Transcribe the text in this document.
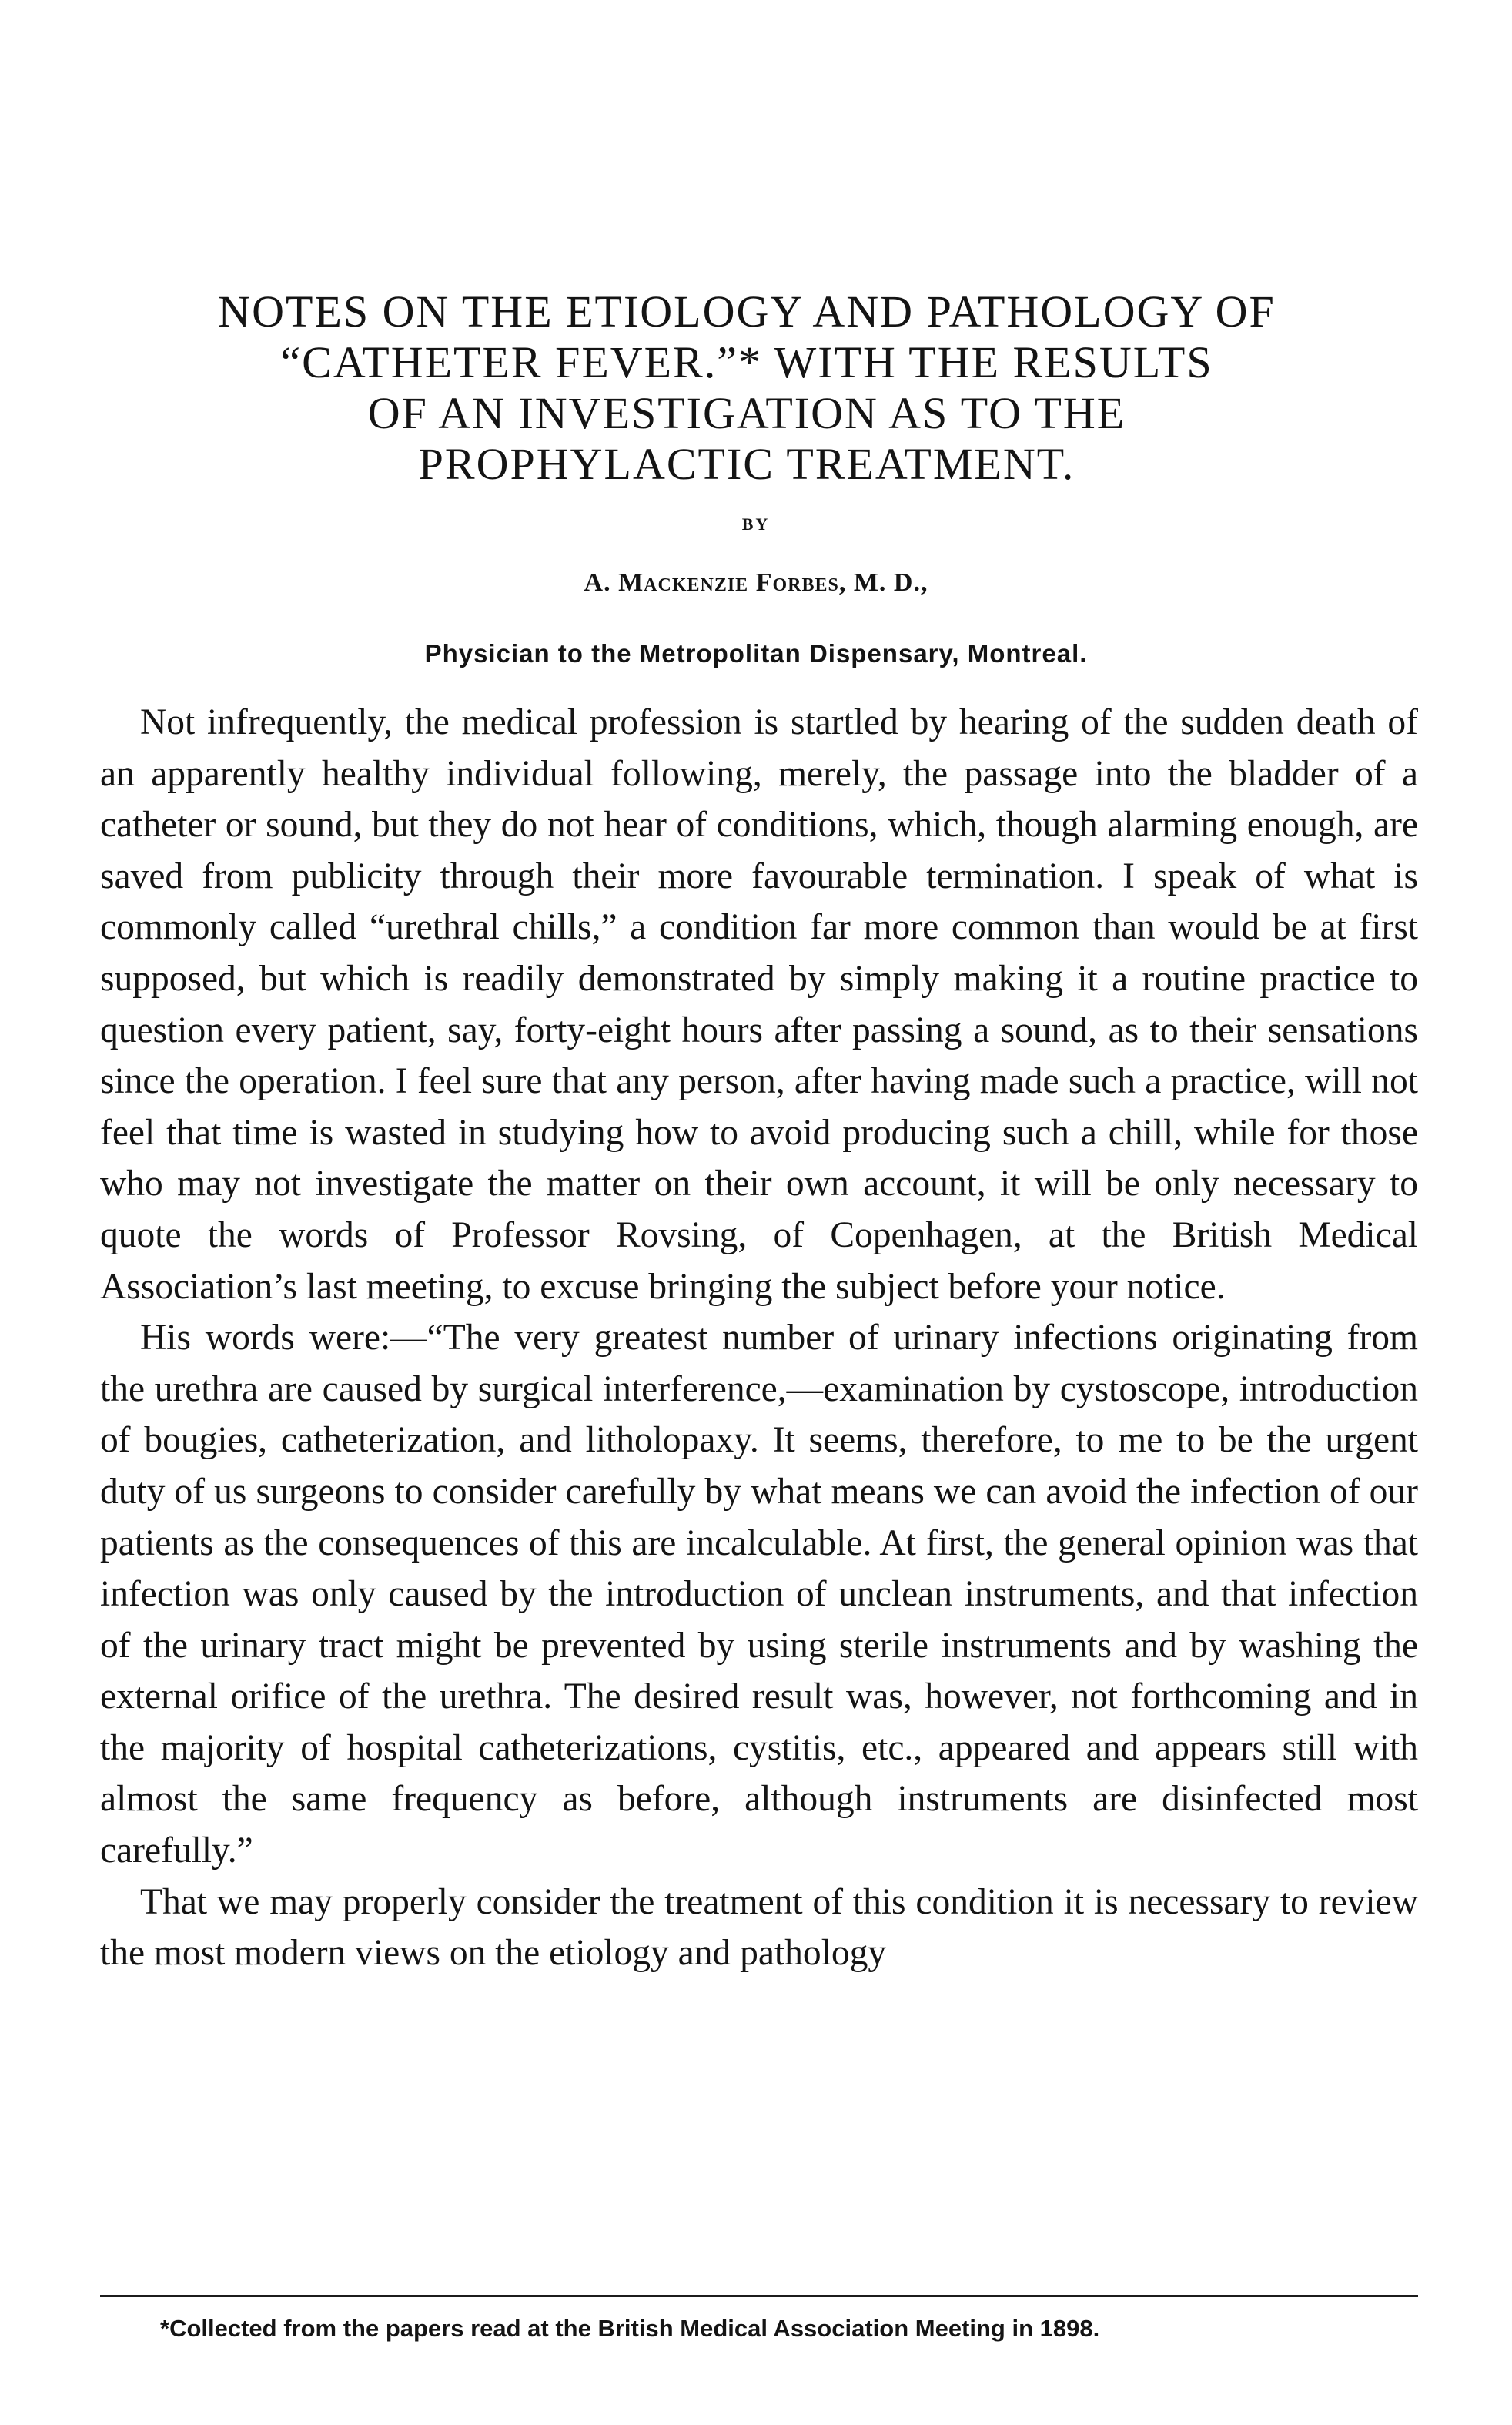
NOTES ON THE ETIOLOGY AND PATHOLOGY OF
“CATHETER FEVER.”* WITH THE RESULTS
OF AN INVESTIGATION AS TO THE
PROPHYLACTIC TREATMENT.
BY
A. Mackenzie Forbes, M. D.,
Physician to the Metropolitan Dispensary, Montreal.

Not infrequently, the medical profession is startled by hearing of the sudden death of an apparently healthy individual following, merely, the passage into the bladder of a catheter or sound, but they do not hear of conditions, which, though alarming enough, are saved from publicity through their more favourable termination. I speak of what is commonly called “urethral chills,” a condition far more common than would be at first supposed, but which is readily demonstrated by simply making it a routine practice to question every patient, say, forty-eight hours after passing a sound, as to their sensations since the operation. I feel sure that any person, after having made such a practice, will not feel that time is wasted in studying how to avoid producing such a chill, while for those who may not investigate the matter on their own account, it will be only necessary to quote the words of Professor Rovsing, of Copenhagen, at the British Medical Association’s last meeting, to excuse bringing the subject before your notice.

His words were:—“The very greatest number of urinary infections originating from the urethra are caused by surgical interference,—examination by cystoscope, introduction of bougies, catheterization, and litholopaxy. It seems, therefore, to me to be the urgent duty of us surgeons to consider carefully by what means we can avoid the infection of our patients as the consequences of this are incalculable. At first, the general opinion was that infection was only caused by the introduction of unclean instruments, and that infection of the urinary tract might be prevented by using sterile instruments and by washing the external orifice of the urethra. The desired result was, however, not forthcoming and in the majority of hospital catheterizations, cystitis, etc., appeared and appears still with almost the same frequency as before, although instruments are disinfected most carefully.”

That we may properly consider the treatment of this condition it is necessary to review the most modern views on the etiology and pathology

*Collected from the papers read at the British Medical Association Meeting in 1898.
